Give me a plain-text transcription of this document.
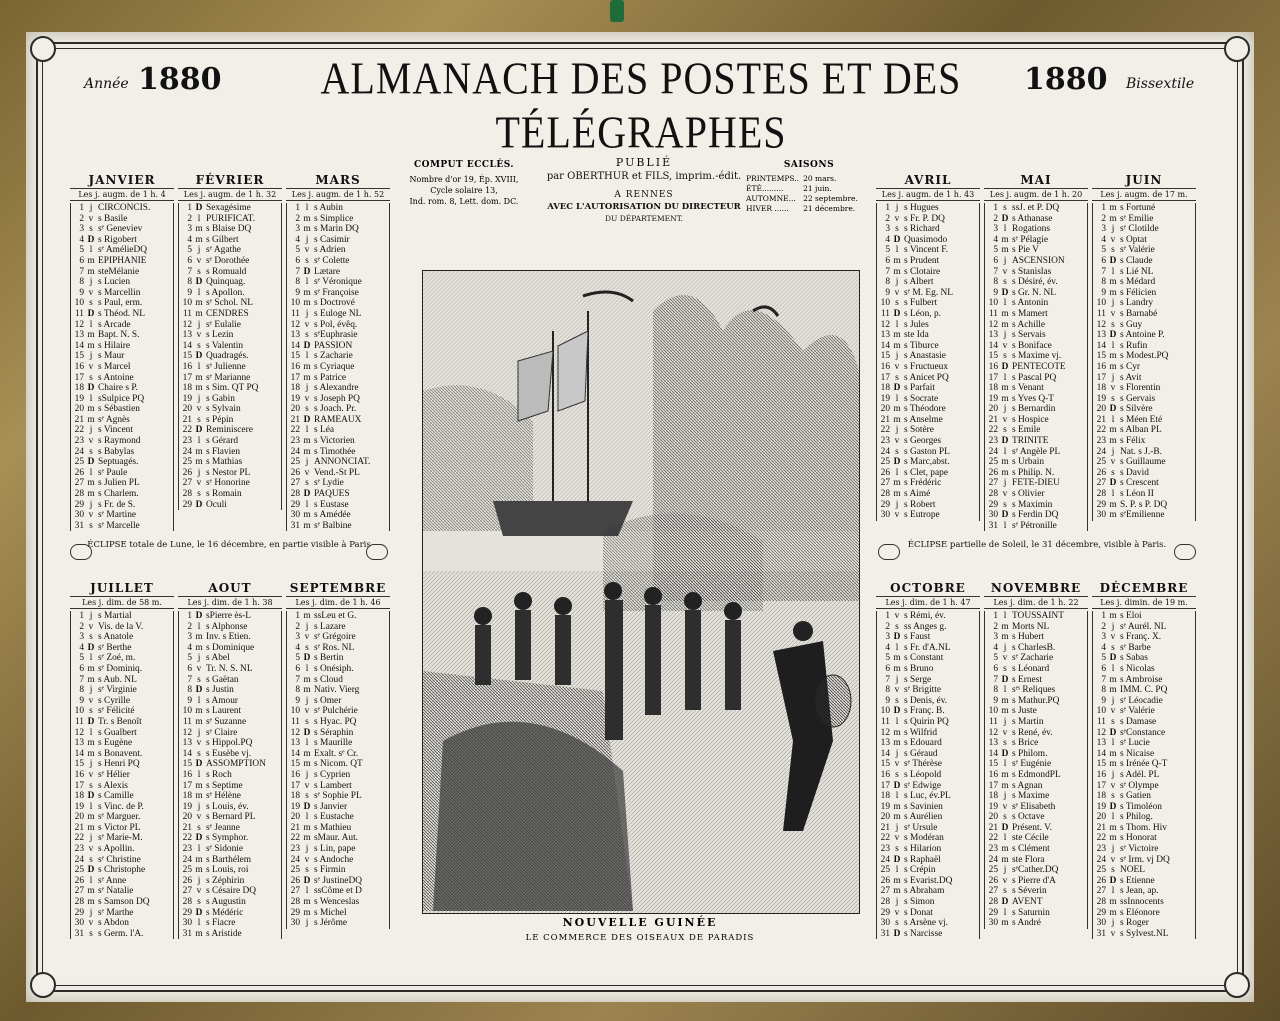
Année 1880	ALMANACH DES POSTES ET DES TÉLÉGRAPHES
1880 Bissextile
COMPUT ECCLÉS.

Nombre d'or 19, Ép. XVIII,
Cycle solaire 13,
Ind. rom. 8, Lett. dom. DC.

PUBLIÉ
par OBERTHUR et FILS, imprim.-édit.
A RENNES
AVEC L'AUTORISATION DU DIRECTEUR
DU DÉPARTEMENT.
SAISONS
PRINTEMPS..	20 mars.
ÉTÉ.........	21 juin.
AUTOMNE...	22 septembre.
HIVER ......	21 décembre.
NOUVELLE GUINÉE
LE COMMERCE DES OISEAUX DE PARADIS
ÉCLIPSE totale de Lune, le 16 décembre, en partie visible à Paris	ÉCLIPSE partielle de Soleil, le 31 décembre, visible à Paris.
JANVIER
Les j. augm. de 1 h. 4
1 j CIRCONCIS.
2 v s Basile
3 s sᵉ Geneviev
4 D s Rigobert
5 l sᵉ AmélieDQ
6 m EPIPHANIE
7 m steMélanie
8 j s Lucien
9 v s Marcellin
10 s s Paul, erm.
11 D s Théod. NL
12 l s Arcade
13 m Bapt. N. S.
14 m s Hilaire
15 j s Maur
16 v s Marcel
17 s s Antoine
18 D Chaire s P.
19 l sSulpice PQ
20 m s Sébastien
21 m sᵉ Agnès
22 j s Vincent
23 v s Raymond
24 s s Babylas
25 D Septuagés.
26 l sᵉ Paule
27 m s Julien PL
28 m s Charlem.
29 j s Fr. de S.
30 v sᵉ Martine
31 s sᵉ Marcelle
FÉVRIER
Les j. augm. de 1 h. 32
1 D Sexagésime
2 l PURIFICAT.
3 m s Blaise DQ
4 m s Gilbert
5 j sᵉ Agathe
6 v sᵉ Dorothée
7 s s Romuald
8 D Quinquag.
9 l s Apollon.
10 m sᵉ Schol. NL
11 m CENDRES
12 j sᵉ Eulalie
13 v s Lezin
14 s s Valentin
15 D Quadragés.
16 l sᵉ Julienne
17 m sᵉ Marianne
18 m s Sim. QT PQ
19 j s Gabin
20 v s Sylvain
21 s s Pépin
22 D Reminiscere
23 l s Gérard
24 m s Flavien
25 m s Mathias
26 j s Nestor PL
27 v sᵉ Honorine
28 s s Romain
29 D Oculi
MARS
Les j. augm. de 1 h. 52
1 l s Aubin
2 m s Simplice
3 m s Marin DQ
4 j s Casimir
5 v s Adrien
6 s sᵉ Colette
7 D Lætare
8 l sᵉ Véronique
9 m sᵉ Françoise
10 m s Doctrové
11 j s Euloge NL
12 v s Pol, évêq.
13 s sᵉEuphrasie
14 D PASSION
15 l s Zacharie
16 m s Cyriaque
17 m s Patrice
18 j s Alexandre
19 v s Joseph PQ
20 s s Joach. Pr.
21 D RAMEAUX
22 l s Léa
23 m s Victorien
24 m s Timothée
25 j ANNONCIAT.
26 v Vend.-St PL
27 s sᵉ Lydie
28 D PAQUES
29 l s Eustase
30 m s Amédée
31 m sᵉ Balbine
AVRIL
Les j. augm. de 1 h. 43
1 j s Hugues
2 v s Fr. P. DQ
3 s s Richard
4 D Quasimodo
5 l s Vincent F.
6 m s Prudent
7 m s Clotaire
8 j s Albert
9 v sᵉ M. Eg. NL
10 s s Fulbert
11 D s Léon, p.
12 l s Jules
13 m ste Ida
14 m s Tiburce
15 j s Anastasie
16 v s Fructueux
17 s s Anicet PQ
18 D s Parfait
19 l s Socrate
20 m s Théodore
21 m s Anselme
22 j s Sotère
23 v s Georges
24 s s Gaston PL
25 D s Marc,abst.
26 l s Clet, pape
27 m s Frédéric
28 m s Aimé
29 j s Robert
30 v s Eutrope
MAI
Les j. augm. de 1 h. 20
1 s ssJ. et P. DQ
2 D s Athanase
3 l Rogations
4 m sᵉ Pélagie
5 m s Pie V
6 j ASCENSION
7 v s Stanislas
8 s s Désiré, év.
9 D s Gr. N. NL
10 l s Antonin
11 m s Mamert
12 m s Achille
13 j s Servais
14 v s Boniface
15 s s Maxime vj.
16 D PENTECOTE
17 l s Pascal PQ
18 m s Venant
19 m s Yves Q-T
20 j s Bernardin
21 v s Hospice
22 s s Emile
23 D TRINITÉ
24 l sᵉ Angèle PL
25 m s Urbain
26 m s Philip. N.
27 j FÊTE-DIEU
28 v s Olivier
29 s s Maximin
30 D s Ferdin DQ
31 l sᵉ Pétronille
JUIN
Les j. augm. de 17 m.
1 m s Fortuné
2 m sᵉ Emilie
3 j sᵉ Clotilde
4 v s Optat
5 s sᵉ Valérie
6 D s Claude
7 l s Lié NL
8 m s Médard
9 m s Félicien
10 j s Landry
11 v s Barnabé
12 s s Guy
13 D s Antoine P.
14 l s Rufin
15 m s Modest.PQ
16 m s Cyr
17 j s Avit
18 v s Florentin
19 s s Gervais
20 D s Silvère
21 l s Méen Été
22 m s Alban PL
23 m s Félix
24 j Nat. s J.-B.
25 v s Guillaume
26 s s David
27 D s Crescent
28 l s Léon II
29 m S. P. s P. DQ
30 m sᵉEmilienne
JUILLET
Les j. dim. de 58 m.
1 j s Martial
2 v Vis. de la V.
3 s s Anatole
4 D sᵉ Berthe
5 l sᵉ Zoé, m.
6 m sᵉ Dominiq.
7 m s Aub. NL
8 j sᵉ Virginie
9 v s Cyrille
10 s sᵉ Félicité
11 D Tr. s Benoît
12 l s Gualbert
13 m s Eugène
14 m s Bonavent.
15 j s Henri PQ
16 v sᵉ Hélier
17 s s Alexis
18 D s Camille
19 l s Vinc. de P.
20 m sᵉ Marguer.
21 m s Victor PL
22 j sᵉ Marie-M.
23 v s Apollin.
24 s sᵉ Christine
25 D s Christophe
26 l sᵉ Anne
27 m sᵉ Natalie
28 m s Samson DQ
29 j sᵉ Marthe
30 v s Abdon
31 s s Germ. l'A.
AOUT
Les j. dim. de 1 h. 38
1 D sPierre ès-L
2 l s Alphonse
3 m Inv. s Étien.
4 m s Dominique
5 j s Abel
6 v Tr. N. S. NL
7 s s Gaëtan
8 D s Justin
9 l s Amour
10 m s Laurent
11 m sᵉ Suzanne
12 j sᵉ Claire
13 v s Hippol.PQ
14 s s Eusèbe vj.
15 D ASSOMPTION
16 l s Roch
17 m s Septime
18 m sᵉ Hélène
19 j s Louis, év.
20 v s Bernard PL
21 s sᵉ Jeanne
22 D s Symphor.
23 l sᵉ Sidonie
24 m s Barthélem
25 m s Louis, roi
26 j s Zéphirin
27 v s Césaire DQ
28 s s Augustin
29 D s Médéric
30 l s Fiacre
31 m s Aristide
SEPTEMBRE
Les j. dim. de 1 h. 46
1 m ssLeu et G.
2 j s Lazare
3 v sᵉ Grégoire
4 s sᵉ Ros. NL
5 D s Bertin
6 l s Onésiph.
7 m s Cloud
8 m Nativ. Vierg
9 j s Omer
10 v sᵉ Pulchérie
11 s s Hyac. PQ
12 D s Séraphin
13 l s Maurille
14 m Exalt. sᵉ Cr.
15 m s Nicom. QT
16 j s Cyprien
17 v s Lambert
18 s sᵉ Sophie PL
19 D s Janvier
20 l s Eustache
21 m s Mathieu
22 m sMaur. Aut.
23 j s Lin, pape
24 v s Andoche
25 s s Firmin
26 D sᵉ JustineDQ
27 l ssCôme et D
28 m s Wenceslas
29 m s Michel
30 j s Jérôme
OCTOBRE
Les j. dim. de 1 h. 47
1 v s Rémi, év.
2 s ss Anges g.
3 D s Faust
4 l s Fr. d'A.NL
5 m s Constant
6 m s Bruno
7 j s Serge
8 v sᵉ Brigitte
9 s s Denis, év.
10 D s Franç. B.
11 l s Quirin PQ
12 m s Wilfrid
13 m s Edouard
14 j s Géraud
15 v sᵉ Thérèse
16 s s Léopold
17 D sᵉ Edwige
18 l s Luc, év.PL
19 m s Savinien
20 m s Aurélien
21 j sᵉ Ursule
22 v s Modéran
23 s s Hilarion
24 D s Raphaël
25 l s Crépin
26 m s Evarist.DQ
27 m s Abraham
28 j s Simon
29 v s Donat
30 s s Arsène vj.
31 D s Narcisse
NOVEMBRE
Les j. dim. de 1 h. 22
1 l TOUSSAINT
2 m Morts NL
3 m s Hubert
4 j s CharlesB.
5 v sᵉ Zacharie
6 s s Léonard
7 D s Ernest
8 l sᵉˢ Reliques
9 m s Mathur.PQ
10 m s Juste
11 j s Martin
12 v s René, év.
13 s s Brice
14 D s Philom.
15 l sᵉ Eugénie
16 m s EdmondPL
17 m s Agnan
18 j s Maxime
19 v sᵉ Elisabeth
20 s s Octave
21 D Présent. V.
22 l ste Cécile
23 m s Clément
24 m ste Flora
25 j sᵉCather.DQ
26 v s Pierre d'A
27 s s Séverin
28 D AVENT
29 l s Saturnin
30 m s André
DÉCEMBRE
Les j. dimin. de 19 m.
1 m s Eloi
2 j sᵉ Aurél. NL
3 v s Franç. X.
4 s sᵉ Barbe
5 D s Sabas
6 l s Nicolas
7 m s Ambroise
8 m IMM. C. PQ
9 j sᵉ Léocadie
10 v sᵉ Valérie
11 s s Damase
12 D sᵉConstance
13 l sᵉ Lucie
14 m s Nicaise
15 m s Irénée Q-T
16 j s Adél. PL
17 v sᵉ Olympe
18 s s Gatien
19 D s Timoléon
20 l s Philog.
21 m s Thom. Hiv
22 m s Honorat
23 j sᵉ Victoire
24 v sᵉ Irm. vj DQ
25 s NOEL
26 D s Etienne
27 l s Jean, ap.
28 m ssInnocents
29 m s Eléonore
30 j s Roger
31 v s Sylvest.NL
